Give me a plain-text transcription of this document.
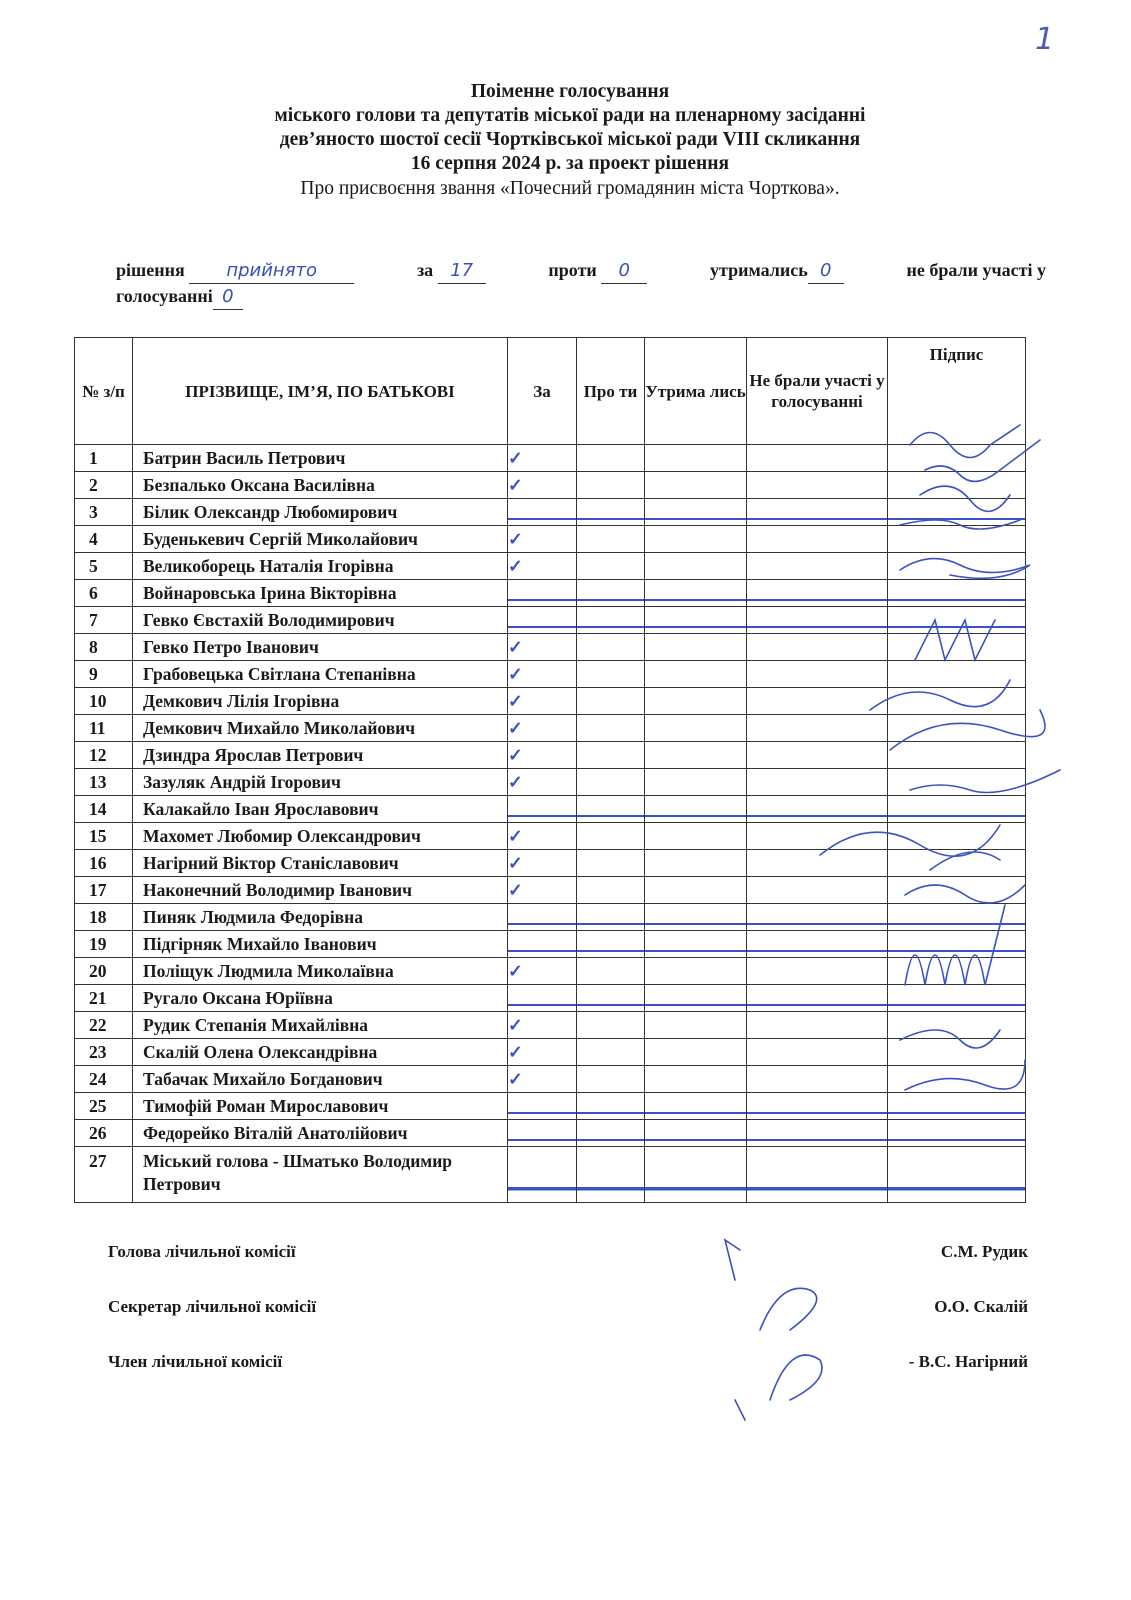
1
Поіменне голосування
міського голови та депутатів міської ради на пленарному засіданні
дев’яносто шостої сесії Чортківської міської ради VIII скликання
16 серпня 2024 р. за проект рішення
Про присвоєння звання «Почесний громадянин міста Чорткова».
рішення прийнято	за 17	проти 0	утримались 0	не брали участі у
голосуванні 0
№ з/п	ПРІЗВИЩЕ, ІМ’Я, ПО БАТЬКОВІ	За	Про ти	Утрима лись	Не брали участі у голосуванні	Підпис
1	Батрин Василь Петрович	✓				
2	Безпалько Оксана Василівна	✓				
3	Білик Олександр Любомирович					
4	Буденькевич Сергій Миколайович	✓				
5	Великоборець Наталія Ігорівна	✓				
6	Войнаровська Ірина Вікторівна					
7	Гевко Євстахій Володимирович					
8	Гевко Петро Іванович	✓				
9	Грабовецька Світлана Степанівна	✓				
10	Демкович Лілія Ігорівна	✓				
11	Демкович Михайло Миколайович	✓				
12	Дзиндра Ярослав Петрович	✓				
13	Зазуляк Андрій Ігорович	✓				
14	Калакайло Іван Ярославович					
15	Махомет Любомир Олександрович	✓				
16	Нагірний Віктор Станіславович	✓				
17	Наконечний Володимир Іванович	✓				
18	Пиняк Людмила Федорівна					
19	Підгірняк Михайло Іванович					
20	Поліщук Людмила Миколаївна	✓				
21	Ругало Оксана Юріївна					
22	Рудик Степанія Михайлівна	✓				
23	Скалій Олена Олександрівна	✓				
24	Табачак Михайло Богданович	✓				
25	Тимофій Роман Мирославович					
26	Федорейко Віталій Анатолійович					
27	Міський голова - Шматько Володимир Петрович					
Голова лічильної комісії	С.М. Рудик
Секретар лічильної комісії	О.О. Скалій
Член лічильної комісії	- В.С. Нагірний
